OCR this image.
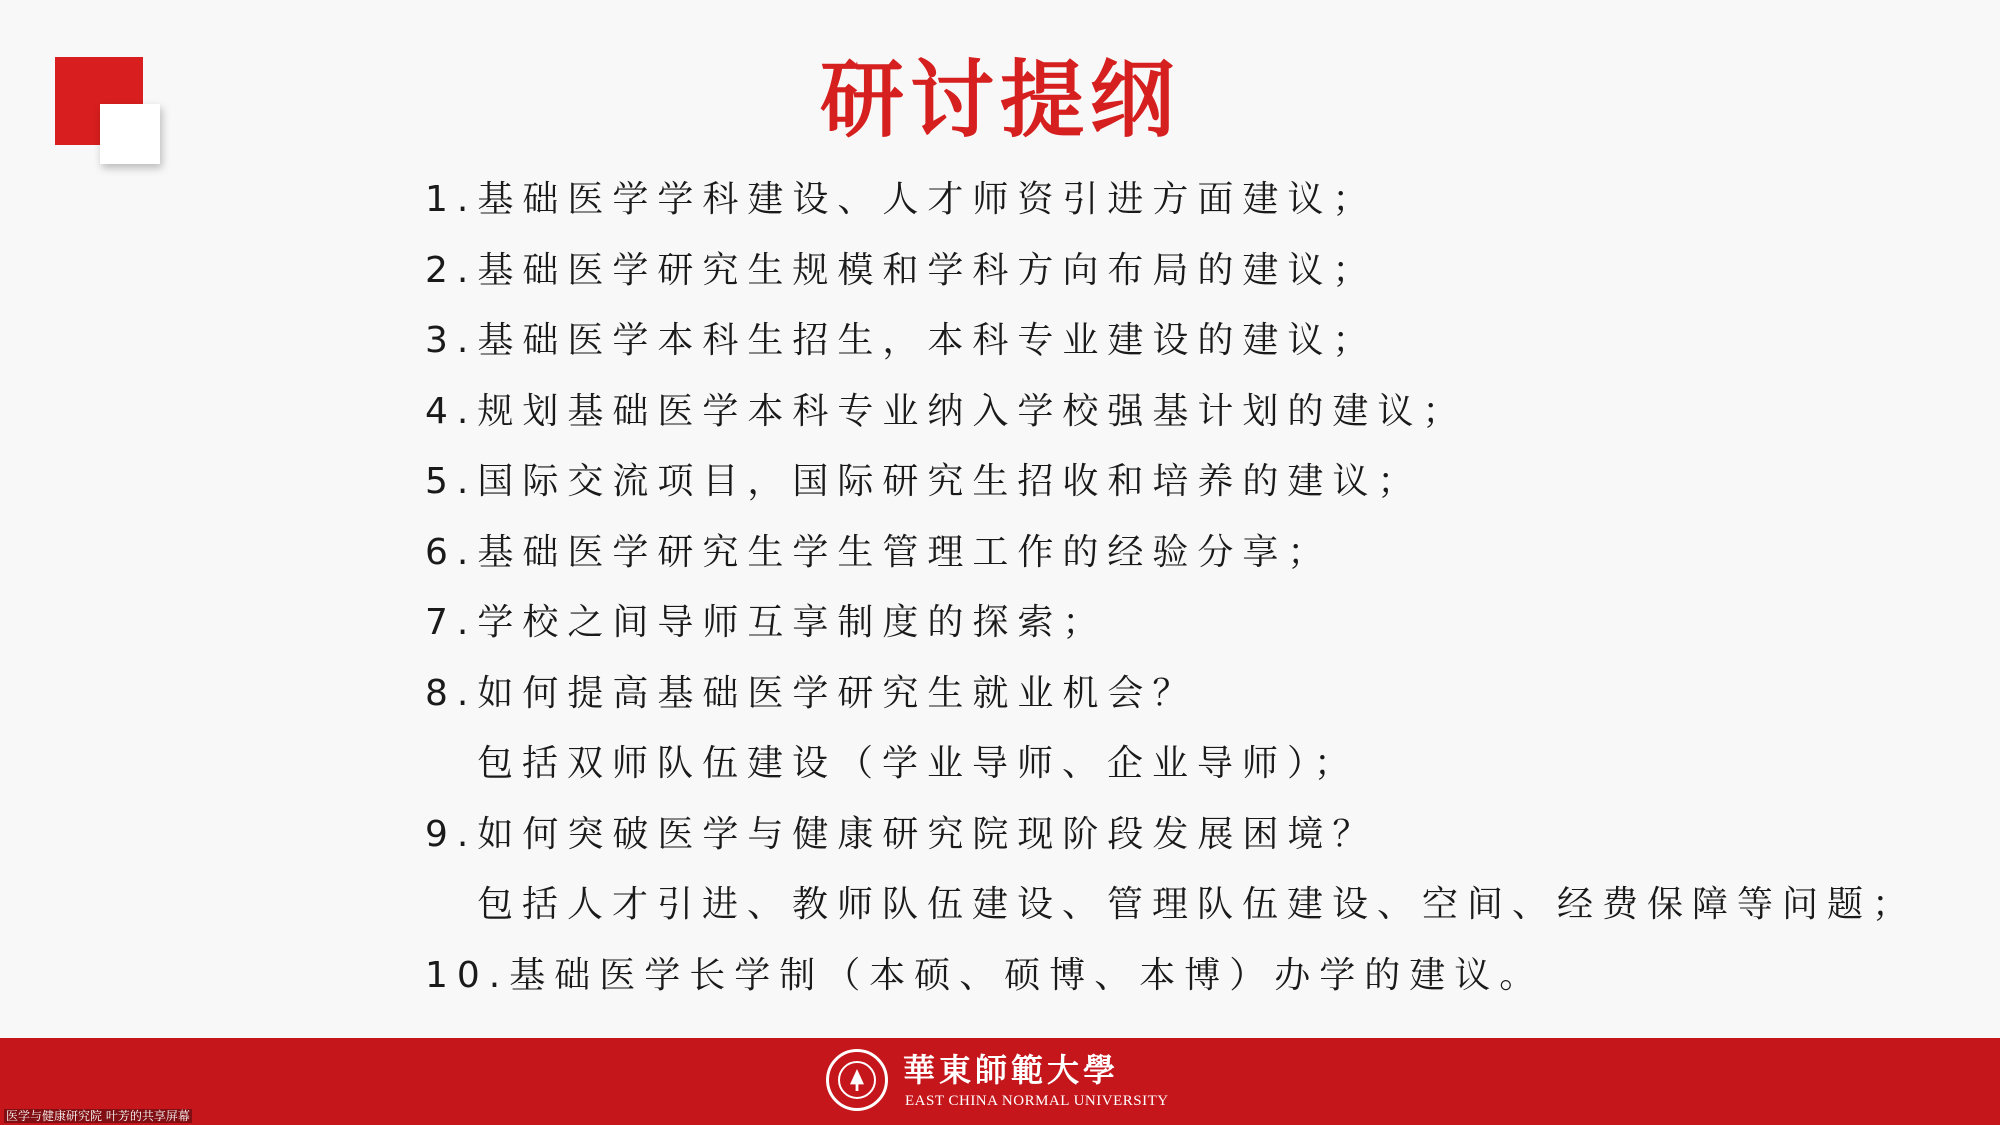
研讨提纲
1.基础医学学科建设、人才师资引进方面建议；
2.基础医学研究生规模和学科方向布局的建议；
3.基础医学本科生招生，本科专业建设的建议；
4.规划基础医学本科专业纳入学校强基计划的建议；
5.国际交流项目，国际研究生招收和培养的建议；
6.基础医学研究生学生管理工作的经验分享；
7.学校之间导师互享制度的探索；
8.如何提高基础医学研究生就业机会？
包括双师队伍建设（学业导师、企业导师）；
9.如何突破医学与健康研究院现阶段发展困境？
包括人才引进、教师队伍建设、管理队伍建设、空间、经费保障等问题；
10.基础医学长学制（本硕、硕博、本博）办学的建议。
華東師範大學
EAST CHINA NORMAL UNIVERSITY
医学与健康研究院 叶芳的共享屏幕
